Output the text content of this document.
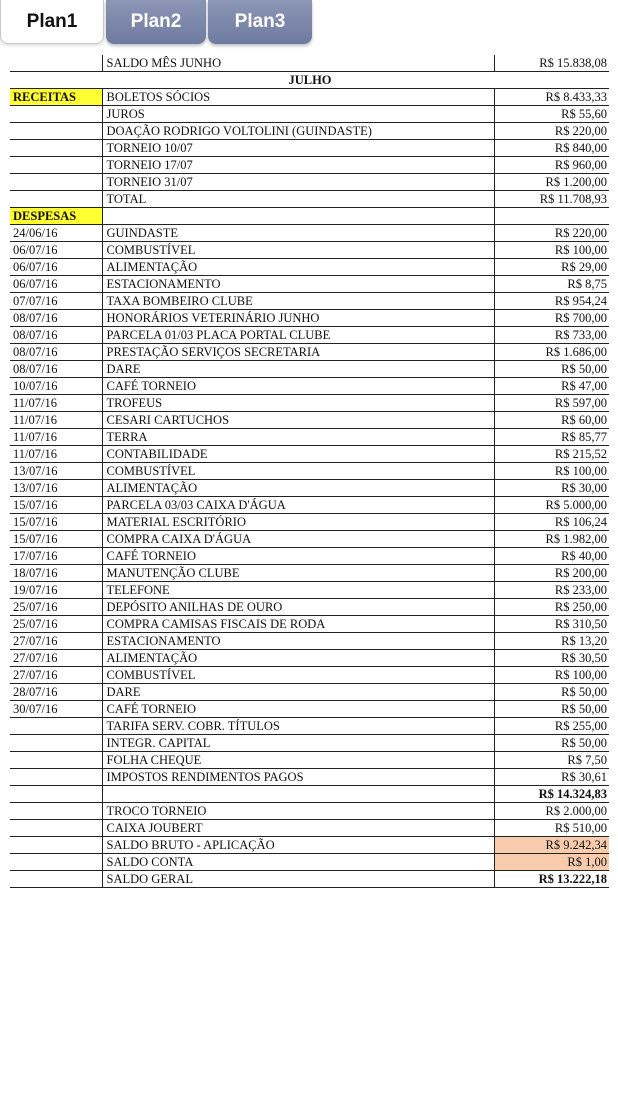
Plan1	Plan2	Plan3
	SALDO MÊS JUNHO	R$ 15.838,08
JULHO		
RECEITAS	BOLETOS SÓCIOS	R$ 8.433,33
	JUROS	R$ 55,60
	DOAÇÃO RODRIGO VOLTOLINI (GUINDASTE)	R$ 220,00
	TORNEIO 10/07	R$ 840,00
	TORNEIO 17/07	R$ 960,00
	TORNEIO 31/07	R$ 1.200,00
	TOTAL	R$ 11.708,93
DESPESAS		
24/06/16	GUINDASTE	R$ 220,00
06/07/16	COMBUSTÍVEL	R$ 100,00
06/07/16	ALIMENTAÇÃO	R$ 29,00
06/07/16	ESTACIONAMENTO	R$ 8,75
07/07/16	TAXA BOMBEIRO CLUBE	R$ 954,24
08/07/16	HONORÁRIOS VETERINÁRIO JUNHO	R$ 700,00
08/07/16	PARCELA 01/03 PLACA PORTAL CLUBE	R$ 733,00
08/07/16	PRESTAÇÃO SERVIÇOS SECRETARIA	R$ 1.686,00
08/07/16	DARE	R$ 50,00
10/07/16	CAFÉ TORNEIO	R$ 47,00
11/07/16	TROFEUS	R$ 597,00
11/07/16	CESARI CARTUCHOS	R$ 60,00
11/07/16	TERRA	R$ 85,77
11/07/16	CONTABILIDADE	R$ 215,52
13/07/16	COMBUSTÍVEL	R$ 100,00
13/07/16	ALIMENTAÇÃO	R$ 30,00
15/07/16	PARCELA 03/03 CAIXA D'ÁGUA	R$ 5.000,00
15/07/16	MATERIAL ESCRITÓRIO	R$ 106,24
15/07/16	COMPRA CAIXA D'ÁGUA	R$ 1.982,00
17/07/16	CAFÉ TORNEIO	R$ 40,00
18/07/16	MANUTENÇÃO CLUBE	R$ 200,00
19/07/16	TELEFONE	R$ 233,00
25/07/16	DEPÓSITO ANILHAS DE OURO	R$ 250,00
25/07/16	COMPRA CAMISAS FISCAIS DE RODA	R$ 310,50
27/07/16	ESTACIONAMENTO	R$ 13,20
27/07/16	ALIMENTAÇÃO	R$ 30,50
27/07/16	COMBUSTÍVEL	R$ 100,00
28/07/16	DARE	R$ 50,00
30/07/16	CAFÉ TORNEIO	R$ 50,00
	TARIFA SERV. COBR. TÍTULOS	R$ 255,00
	INTEGR. CAPITAL	R$ 50,00
	FOLHA CHEQUE	R$ 7,50
	IMPOSTOS RENDIMENTOS PAGOS	R$ 30,61
		R$ 14.324,83
	TROCO TORNEIO	R$ 2.000,00
	CAIXA JOUBERT	R$ 510,00
	SALDO BRUTO - APLICAÇÃO	R$ 9.242,34
	SALDO CONTA	R$ 1,00
	SALDO GERAL	R$ 13.222,18
